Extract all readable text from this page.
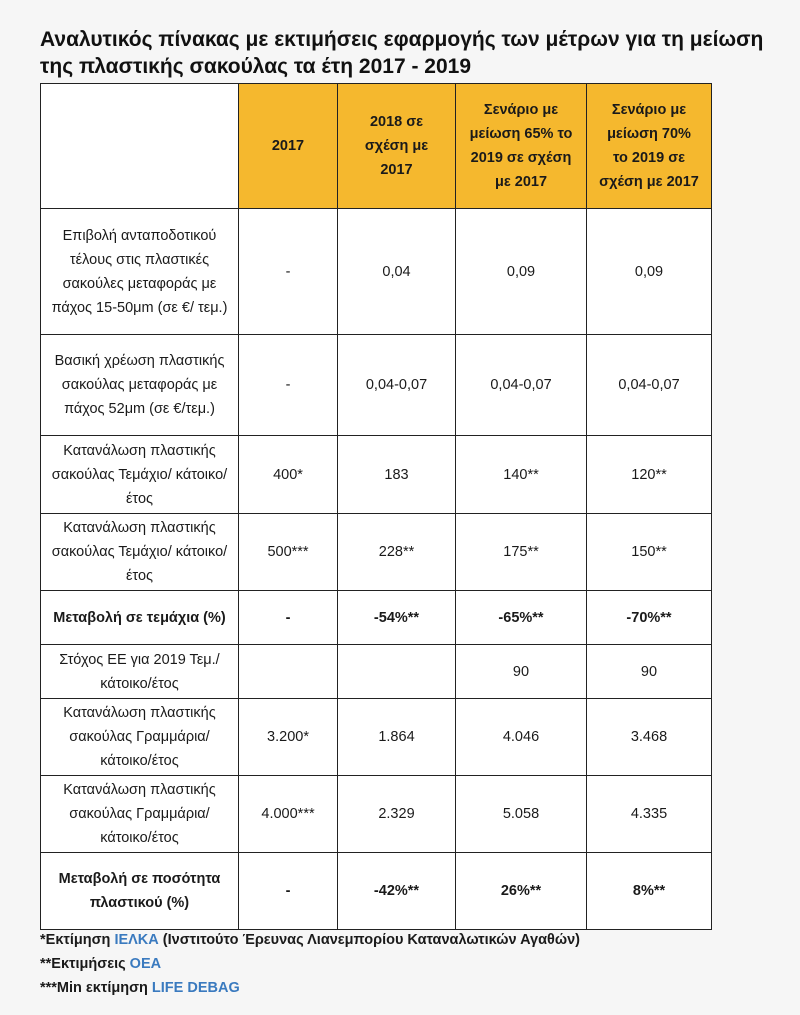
Αναλυτικός πίνακας με εκτιμήσεις εφαρμογής των μέτρων για τη μείωση της πλαστικής σακούλας τα έτη 2017 - 2019
	2017	2018 σε σχέση με 2017	Σενάριο με μείωση 65% το 2019 σε σχέση με 2017	Σενάριο με μείωση 70% το 2019 σε σχέση με 2017
Επιβολή ανταποδοτικού τέλους στις πλαστικές σακούλες μεταφοράς με πάχος 15-50μm (σε €/ τεμ.)	-	0,04	0,09	0,09
Βασική χρέωση πλαστικής σακούλας μεταφοράς με πάχος 52μm (σε €/τεμ.)	-	0,04-0,07	0,04-0,07	0,04-0,07
Κατανάλωση πλαστικής σακούλας Τεμάχιο/ κάτοικο/έτος	400*	183	140**	120**
Κατανάλωση πλαστικής σακούλας Τεμάχιο/ κάτοικο/έτος	500***	228**	175**	150**
Μεταβολή σε τεμάχια (%)	-	-54%**	-65%**	-70%**
Στόχος ΕΕ για 2019 Τεμ./κάτοικο/έτος			90	90
Κατανάλωση πλαστικής σακούλας Γραμμάρια/ κάτοικο/έτος	3.200*	1.864	4.046	3.468
Κατανάλωση πλαστικής σακούλας Γραμμάρια/ κάτοικο/έτος	4.000***	2.329	5.058	4.335
Μεταβολή σε ποσότητα πλαστικού (%)	-	-42%**	26%**	8%**
*Εκτίμηση ΙΕΛΚΑ (Ινστιτούτο Έρευνας Λιανεμπορίου Καταναλωτικών Αγαθών)
**Εκτιμήσεις ΟΕΑ
***Min εκτίμηση LIFE DEBAG
